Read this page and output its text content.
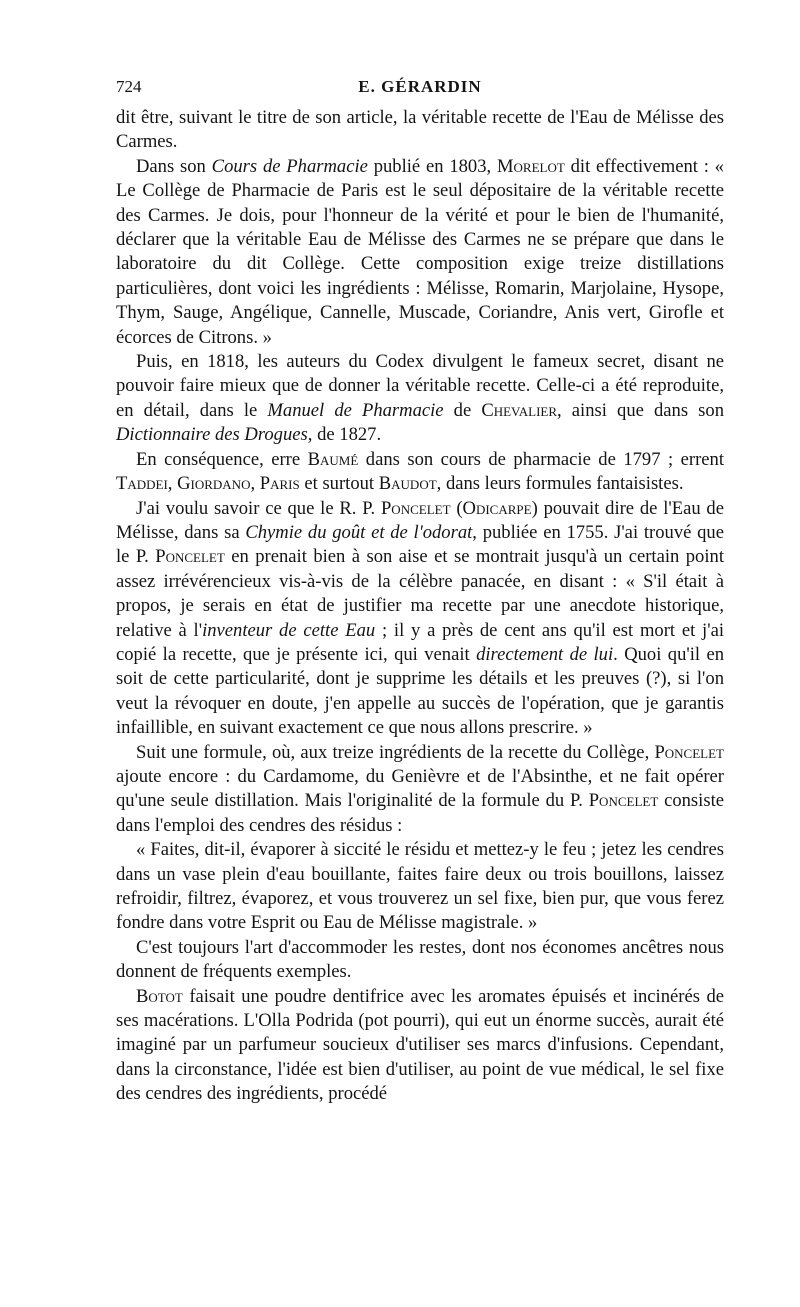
724	E. GÉRARDIN

dit être, suivant le titre de son article, la véritable recette de l'Eau de Mélisse des Carmes.

Dans son Cours de Pharmacie publié en 1803, Morelot dit effectivement : « Le Collège de Pharmacie de Paris est le seul dépositaire de la véritable recette des Carmes. Je dois, pour l'honneur de la vérité et pour le bien de l'humanité, déclarer que la véritable Eau de Mélisse des Carmes ne se prépare que dans le laboratoire du dit Collège. Cette composition exige treize distillations particulières, dont voici les ingrédients : Mélisse, Romarin, Marjolaine, Hysope, Thym, Sauge, Angélique, Cannelle, Muscade, Coriandre, Anis vert, Girofle et écorces de Citrons. »

Puis, en 1818, les auteurs du Codex divulgent le fameux secret, disant ne pouvoir faire mieux que de donner la véritable recette. Celle-ci a été reproduite, en détail, dans le Manuel de Pharmacie de Chevalier, ainsi que dans son Dictionnaire des Drogues, de 1827.

En conséquence, erre Baumé dans son cours de pharmacie de 1797 ; errent Taddei, Giordano, Paris et surtout Baudot, dans leurs formules fantaisistes.

J'ai voulu savoir ce que le R. P. Poncelet (Odicarpe) pouvait dire de l'Eau de Mélisse, dans sa Chymie du goût et de l'odorat, publiée en 1755. J'ai trouvé que le P. Poncelet en prenait bien à son aise et se montrait jusqu'à un certain point assez irrévérencieux vis-à-vis de la célèbre panacée, en disant : « S'il était à propos, je serais en état de justifier ma recette par une anecdote historique, relative à l'inventeur de cette Eau ; il y a près de cent ans qu'il est mort et j'ai copié la recette, que je présente ici, qui venait directement de lui. Quoi qu'il en soit de cette particularité, dont je supprime les détails et les preuves (?), si l'on veut la révoquer en doute, j'en appelle au succès de l'opération, que je garantis infaillible, en suivant exactement ce que nous allons prescrire. »

Suit une formule, où, aux treize ingrédients de la recette du Collège, Poncelet ajoute encore : du Cardamome, du Genièvre et de l'Absinthe, et ne fait opérer qu'une seule distillation. Mais l'originalité de la formule du P. Poncelet consiste dans l'emploi des cendres des résidus :

« Faites, dit-il, évaporer à siccité le résidu et mettez-y le feu ; jetez les cendres dans un vase plein d'eau bouillante, faites faire deux ou trois bouillons, laissez refroidir, filtrez, évaporez, et vous trouverez un sel fixe, bien pur, que vous ferez fondre dans votre Esprit ou Eau de Mélisse magistrale. »

C'est toujours l'art d'accommoder les restes, dont nos économes ancêtres nous donnent de fréquents exemples.

Botot faisait une poudre dentifrice avec les aromates épuisés et incinérés de ses macérations. L'Olla Podrida (pot pourri), qui eut un énorme succès, aurait été imaginé par un parfumeur soucieux d'utiliser ses marcs d'infusions. Cependant, dans la circonstance, l'idée est bien d'utiliser, au point de vue médical, le sel fixe des cendres des ingrédients, procédé
